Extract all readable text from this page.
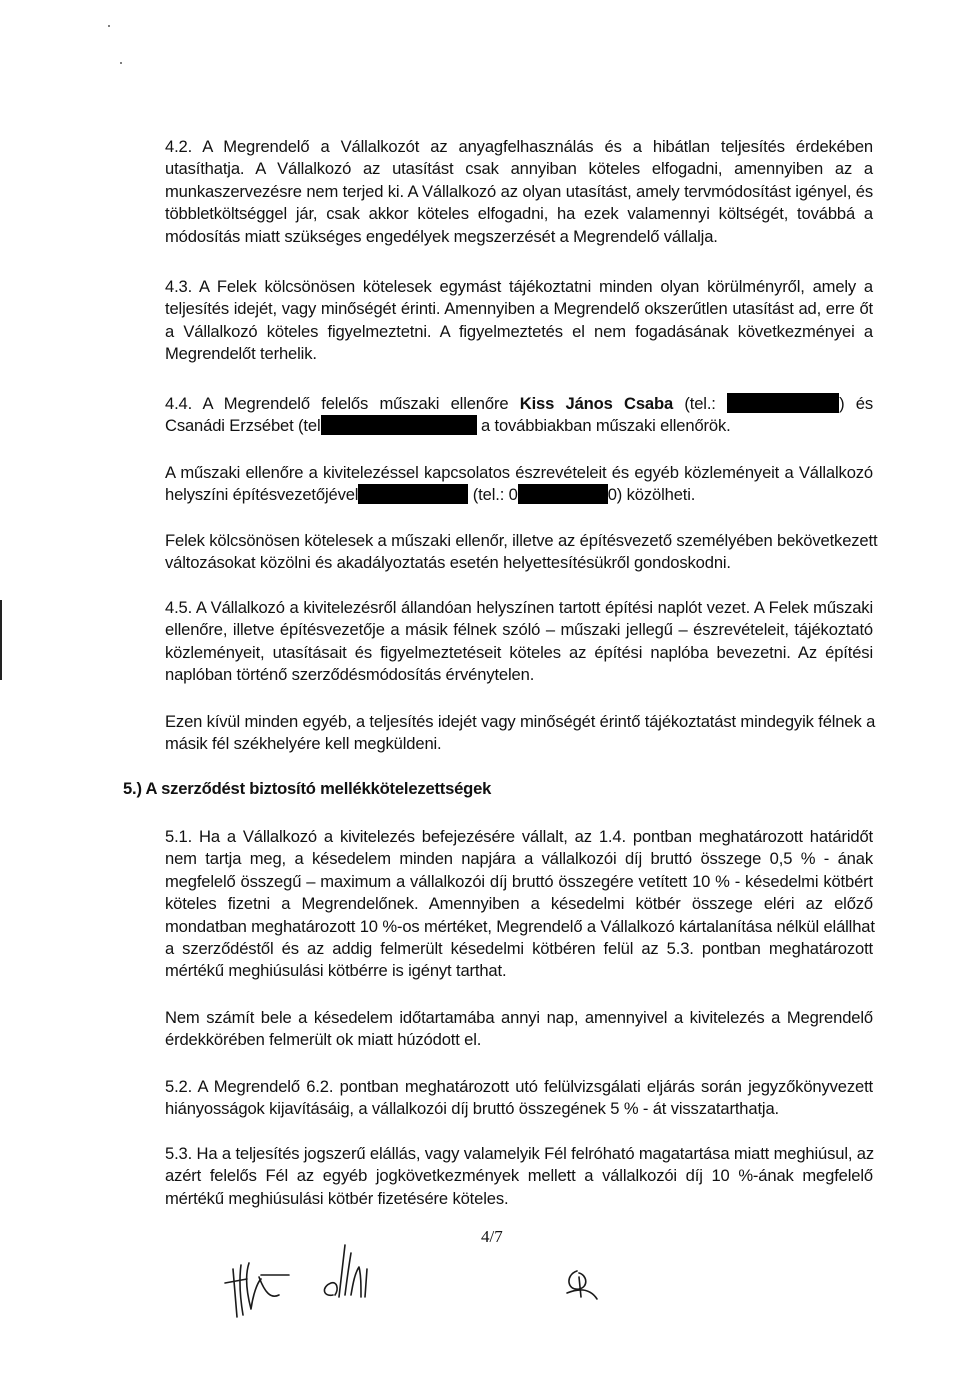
4.2. A Megrendelő a Vállalkozót az anyagfelhasználás és a hibátlan teljesítés érdekében
utasíthatja. A Vállalkozó az utasítást csak annyiban köteles elfogadni, amennyiben az a
munkaszervezésre nem terjed ki. A Vállalkozó az olyan utasítást, amely tervmódosítást igényel, és
többletköltséggel jár, csak akkor köteles elfogadni, ha ezek valamennyi költségét, továbbá a
módosítás miatt szükséges engedélyek megszerzését a Megrendelő vállalja.

4.3. A Felek kölcsönösen kötelesek egymást tájékoztatni minden olyan körülményről, amely a
teljesítés idejét, vagy minőségét érinti. Amennyiben a Megrendelő okszerűtlen utasítást ad, erre őt
a Vállalkozó köteles figyelmeztetni. A figyelmeztetés el nem fogadásának következményei a
Megrendelőt terhelik.

4.4. A Megrendelő felelős műszaki ellenőre Kiss János Csaba (tel.:	) és
Csanádi Erzsébet (tel	a továbbiakban műszaki ellenőrök.

A műszaki ellenőre a kivitelezéssel kapcsolatos észrevételeit és egyéb közleményeit a Vállalkozó
helyszíni építésvezetőjével	(tel.: 0	0) közölheti.

Felek kölcsönösen kötelesek a műszaki ellenőr, illetve az építésvezető személyében bekövetkezett
változásokat közölni és akadályoztatás esetén helyettesítésükről gondoskodni.

4.5. A Vállalkozó a kivitelezésről állandóan helyszínen tartott építési naplót vezet. A Felek műszaki
ellenőre, illetve építésvezetője a másik félnek szóló – műszaki jellegű – észrevételeit, tájékoztató
közleményeit, utasításait és figyelmeztetéseit köteles az építési naplóba bevezetni. Az építési
naplóban történő szerződésmódosítás érvénytelen.

Ezen kívül minden egyéb, a teljesítés idejét vagy minőségét érintő tájékoztatást mindegyik félnek a
másik fél székhelyére kell megküldeni.

5.) A szerződést biztosító mellékkötelezettségek

5.1. Ha a Vállalkozó a kivitelezés befejezésére vállalt, az 1.4. pontban meghatározott határidőt
nem tartja meg, a késedelem minden napjára a vállalkozói díj bruttó összege 0,5 % - ának
megfelelő összegű – maximum a vállalkozói díj bruttó összegére vetített 10 % - késedelmi kötbért
köteles fizetni a Megrendelőnek. Amennyiben a késedelmi kötbér összege eléri az előző
mondatban meghatározott 10 %-os mértéket, Megrendelő a Vállalkozó kártalanítása nélkül elállhat
a szerződéstől és az addig felmerült késedelmi kötbéren felül az 5.3. pontban meghatározott
mértékű meghiúsulási kötbérre is igényt tarthat.

Nem számít bele a késedelem időtartamába annyi nap, amennyivel a kivitelezés a Megrendelő
érdekkörében felmerült ok miatt húzódott el.

5.2. A Megrendelő 6.2. pontban meghatározott utó felülvizsgálati eljárás során jegyzőkönyvezett
hiányosságok kijavításáig, a vállalkozói díj bruttó összegének 5 % - át visszatarthatja.

5.3. Ha a teljesítés jogszerű elállás, vagy valamelyik Fél felróható magatartása miatt meghiúsul, az
azért felelős Fél az egyéb jogkövetkezmények mellett a vállalkozói díj 10 %-ának megfelelő
mértékű meghiúsulási kötbér fizetésére köteles.

4/7
